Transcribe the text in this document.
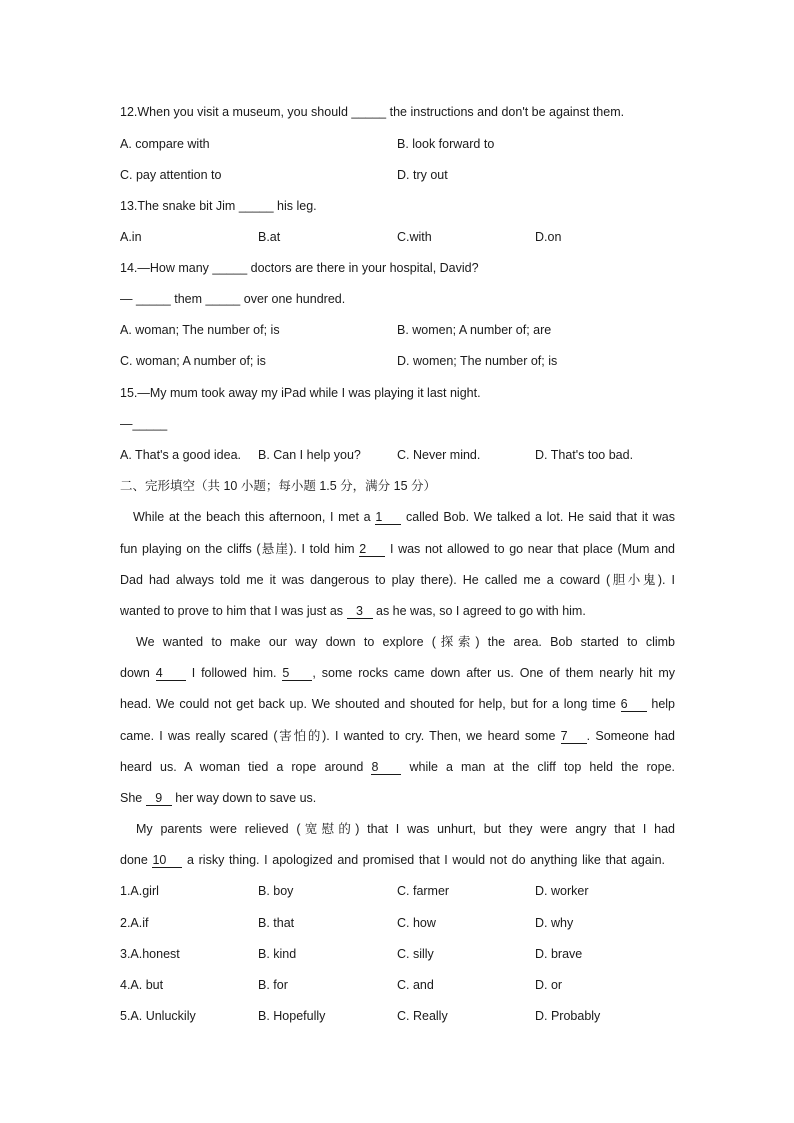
12.When you visit a museum, you should _____ the instructions and don't be against them.
A. compare with	B. look forward to
C. pay attention to	D. try out
13.The snake bit Jim _____ his leg.
A.in	B.at	C.with	D.on
14.—How many _____ doctors are there in your hospital, David?
— _____ them _____ over one hundred.
A. woman; The number of; is	B. women; A number of; are
C. woman; A number of; is	D. women; The number of; is
15.—My mum took away my iPad while I was playing it last night.
—_____
A. That's a good idea. B. Can I help you?	C. Never mind.	D. That's too bad.
二、完形填空（共 10 小题；每小题 1.5 分，满分 15 分）
While at the beach this afternoon, I met a 1 called Bob. We talked a lot. He said that it was
fun playing on the cliffs (悬崖). I told him 2 I was not allowed to go near that place (Mum and
Dad had always told me it was dangerous to play there). He called me a coward (胆小鬼). I
wanted to prove to him that I was just as 3 as he was, so I agreed to go with him.
We wanted to make our way down to explore (探索) the area. Bob started to climb
down 4 I followed him. 5 , some rocks came down after us. One of them nearly hit my
head. We could not get back up. We shouted and shouted for help, but for a long time 6 help
came. I was really scared (害怕的). I wanted to cry. Then, we heard some 7 . Someone had
heard us. A woman tied a rope around 8 while a man at the cliff top held the rope.
She 9 her way down to save us.
My parents were relieved (宽慰的) that I was unhurt, but they were angry that I had
done 10 a risky thing. I apologized and promised that I would not do anything like that again.
1.A.girl	B. boy	C. farmer	D. worker
2.A.if	B. that	C. how	D. why
3.A.honest	B. kind	C. silly	D. brave
4.A. but	B. for	C. and	D. or
5.A. Unluckily	B. Hopefully	C. Really	D. Probably
